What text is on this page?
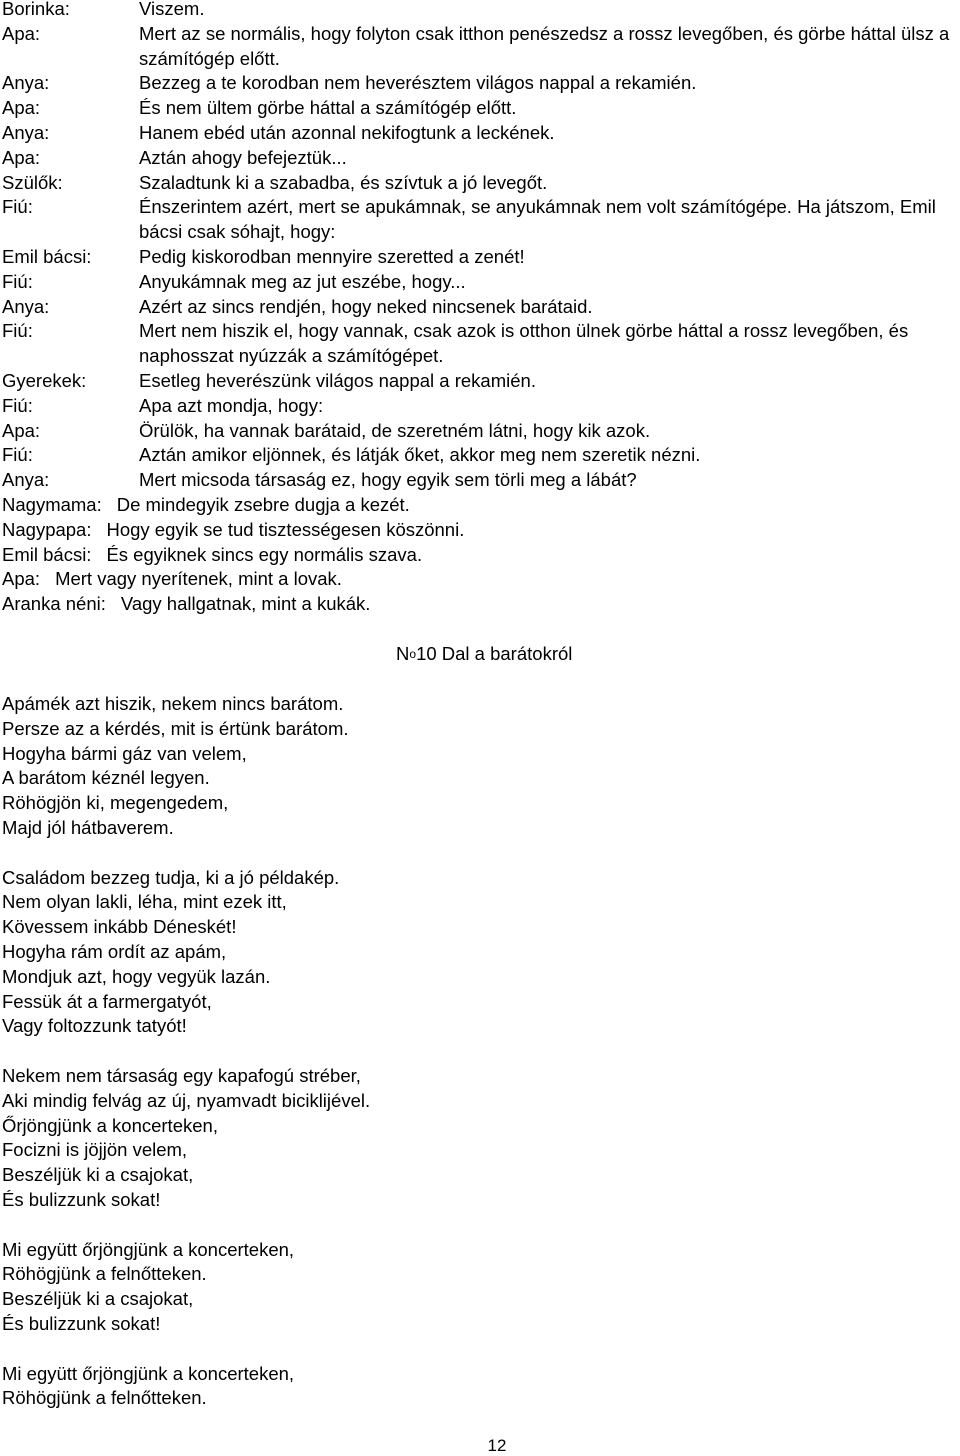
Borinka:	Viszem.
Apa:	Mert az se normális, hogy folyton csak itthon penészedsz a rossz levegőben, és görbe háttal ülsz a számítógép előtt.
Anya:	Bezzeg a te korodban nem heverésztem világos nappal a rekamién.
Apa:	És nem ültem görbe háttal a számítógép előtt.
Anya:	Hanem ebéd után azonnal nekifogtunk a leckének.
Apa:	Aztán ahogy befejeztük...
Szülők:	Szaladtunk ki a szabadba, és szívtuk a jó levegőt.
Fiú:	Énszerintem azért, mert se apukámnak, se anyukámnak nem volt számítógépe. Ha játszom, Emil bácsi csak sóhajt, hogy:
Emil bácsi:	Pedig kiskorodban mennyire szeretted a zenét!
Fiú:	Anyukámnak meg az jut eszébe, hogy...
Anya:	Azért az sincs rendjén, hogy neked nincsenek barátaid.
Fiú:	Mert nem hiszik el, hogy vannak, csak azok is otthon ülnek görbe háttal a rossz levegőben, és naphosszat nyúzzák a számítógépet.
Gyerekek:	Esetleg heverészünk világos nappal a rekamién.
Fiú:	Apa azt mondja, hogy:
Apa:	Örülök, ha vannak barátaid, de szeretném látni, hogy kik azok.
Fiú:	Aztán amikor eljönnek, és látják őket, akkor meg nem szeretik nézni.
Anya:	Mert micsoda társaság ez, hogy egyik sem törli meg a lábát?
Nagymama: De mindegyik zsebre dugja a kezét.
Nagypapa: Hogy egyik se tud tisztességesen köszönni.
Emil bácsi: És egyiknek sincs egy normális szava.
Apa: Mert vagy nyerítenek, mint a lovak.
Aranka néni: Vagy hallgatnak, mint a kukák.
$N^o10$ Dal a barátokról
Apámék azt hiszik, nekem nincs barátom.
Persze az a kérdés, mit is értünk barátom.
Hogyha bármi gáz van velem,
A barátom kéznél legyen.
Röhögjön ki, megengedem,
Majd jól hátbaverem.
Családom bezzeg tudja, ki a jó példakép.
Nem olyan lakli, léha, mint ezek itt,
Kövessem inkább Déneskét!
Hogyha rám ordít az apám,
Mondjuk azt, hogy vegyük lazán.
Fessük át a farmergatyót,
Vagy foltozzunk tatyót!
Nekem nem társaság egy kapafogú stréber,
Aki mindig felvág az új, nyamvadt biciklijével.
Őrjöngjünk a koncerteken,
Focizni is jöjjön velem,
Beszéljük ki a csajokat,
És bulizzunk sokat!
Mi együtt őrjöngjünk a koncerteken,
Röhögjünk a felnőtteken.
Beszéljük ki a csajokat,
És bulizzunk sokat!
Mi együtt őrjöngjünk a koncerteken,
Röhögjünk a felnőtteken.
12
